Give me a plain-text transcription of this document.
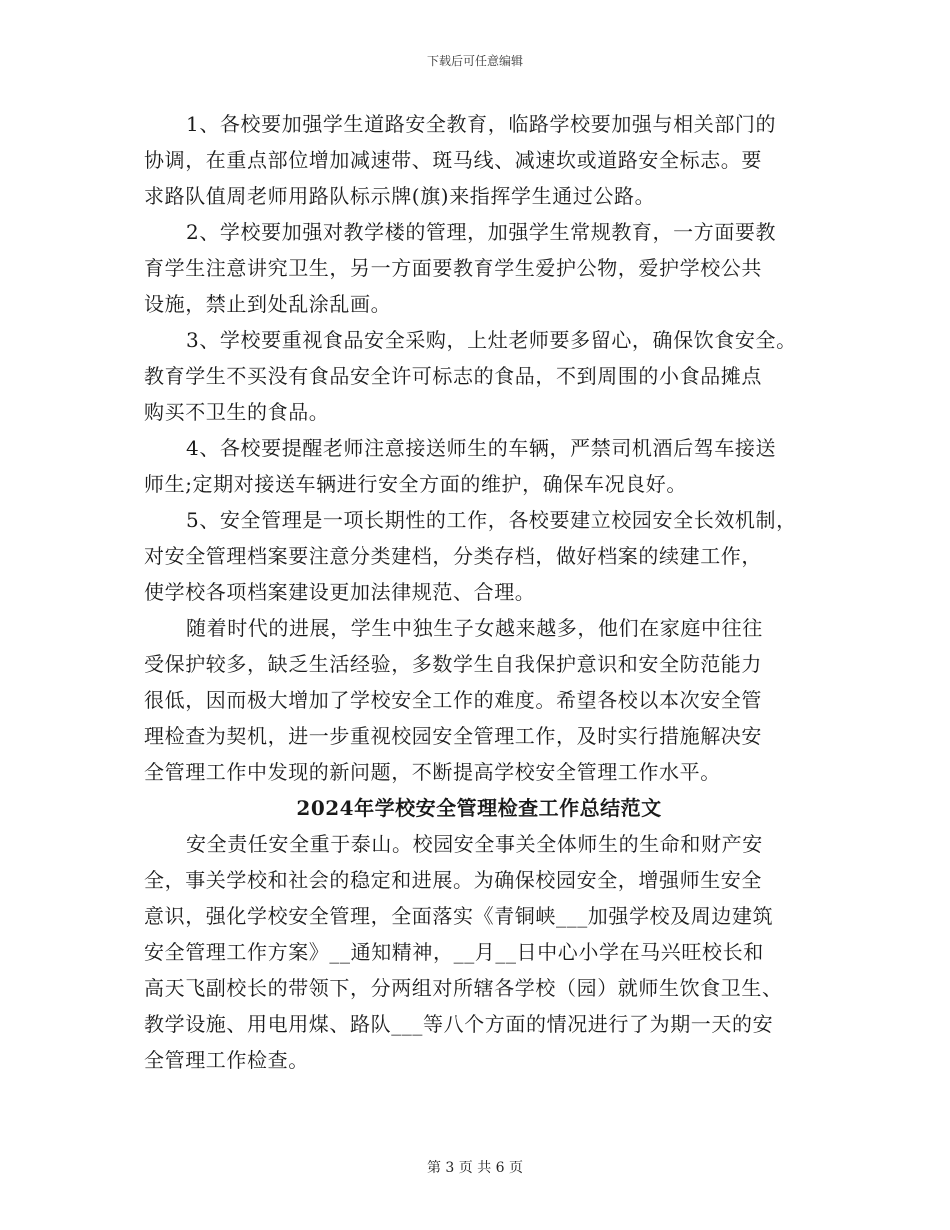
下载后可任意编辑

1、各校要加强学生道路安全教育，临路学校要加强与相关部门的
协调，在重点部位增加减速带、斑马线、减速坎或道路安全标志。要
求路队值周老师用路队标示牌(旗)来指挥学生通过公路。

2、学校要加强对教学楼的管理，加强学生常规教育，一方面要教
育学生注意讲究卫生，另一方面要教育学生爱护公物，爱护学校公共
设施，禁止到处乱涂乱画。

3、学校要重视食品安全采购，上灶老师要多留心，确保饮食安全。
教育学生不买没有食品安全许可标志的食品，不到周围的小食品摊点
购买不卫生的食品。

4、各校要提醒老师注意接送师生的车辆，严禁司机酒后驾车接送
师生;定期对接送车辆进行安全方面的维护，确保车况良好。

5、安全管理是一项长期性的工作，各校要建立校园安全长效机制，
对安全管理档案要注意分类建档，分类存档，做好档案的续建工作，
使学校各项档案建设更加法律规范、合理。

随着时代的进展，学生中独生子女越来越多，他们在家庭中往往
受保护较多，缺乏生活经验，多数学生自我保护意识和安全防范能力
很低，因而极大增加了学校安全工作的难度。希望各校以本次安全管
理检查为契机，进一步重视校园安全管理工作，及时实行措施解决安
全管理工作中发现的新问题，不断提高学校安全管理工作水平。

2024年学校安全管理检查工作总结范文

安全责任安全重于泰山。校园安全事关全体师生的生命和财产安
全，事关学校和社会的稳定和进展。为确保校园安全，增强师生安全
意识，强化学校安全管理，全面落实《青铜峡___加强学校及周边建筑
安全管理工作方案》__通知精神，__月__日中心小学在马兴旺校长和
高天飞副校长的带领下，分两组对所辖各学校（园）就师生饮食卫生、
教学设施、用电用煤、路队___等八个方面的情况进行了为期一天的安
全管理工作检查。

第 3 页 共 6 页
